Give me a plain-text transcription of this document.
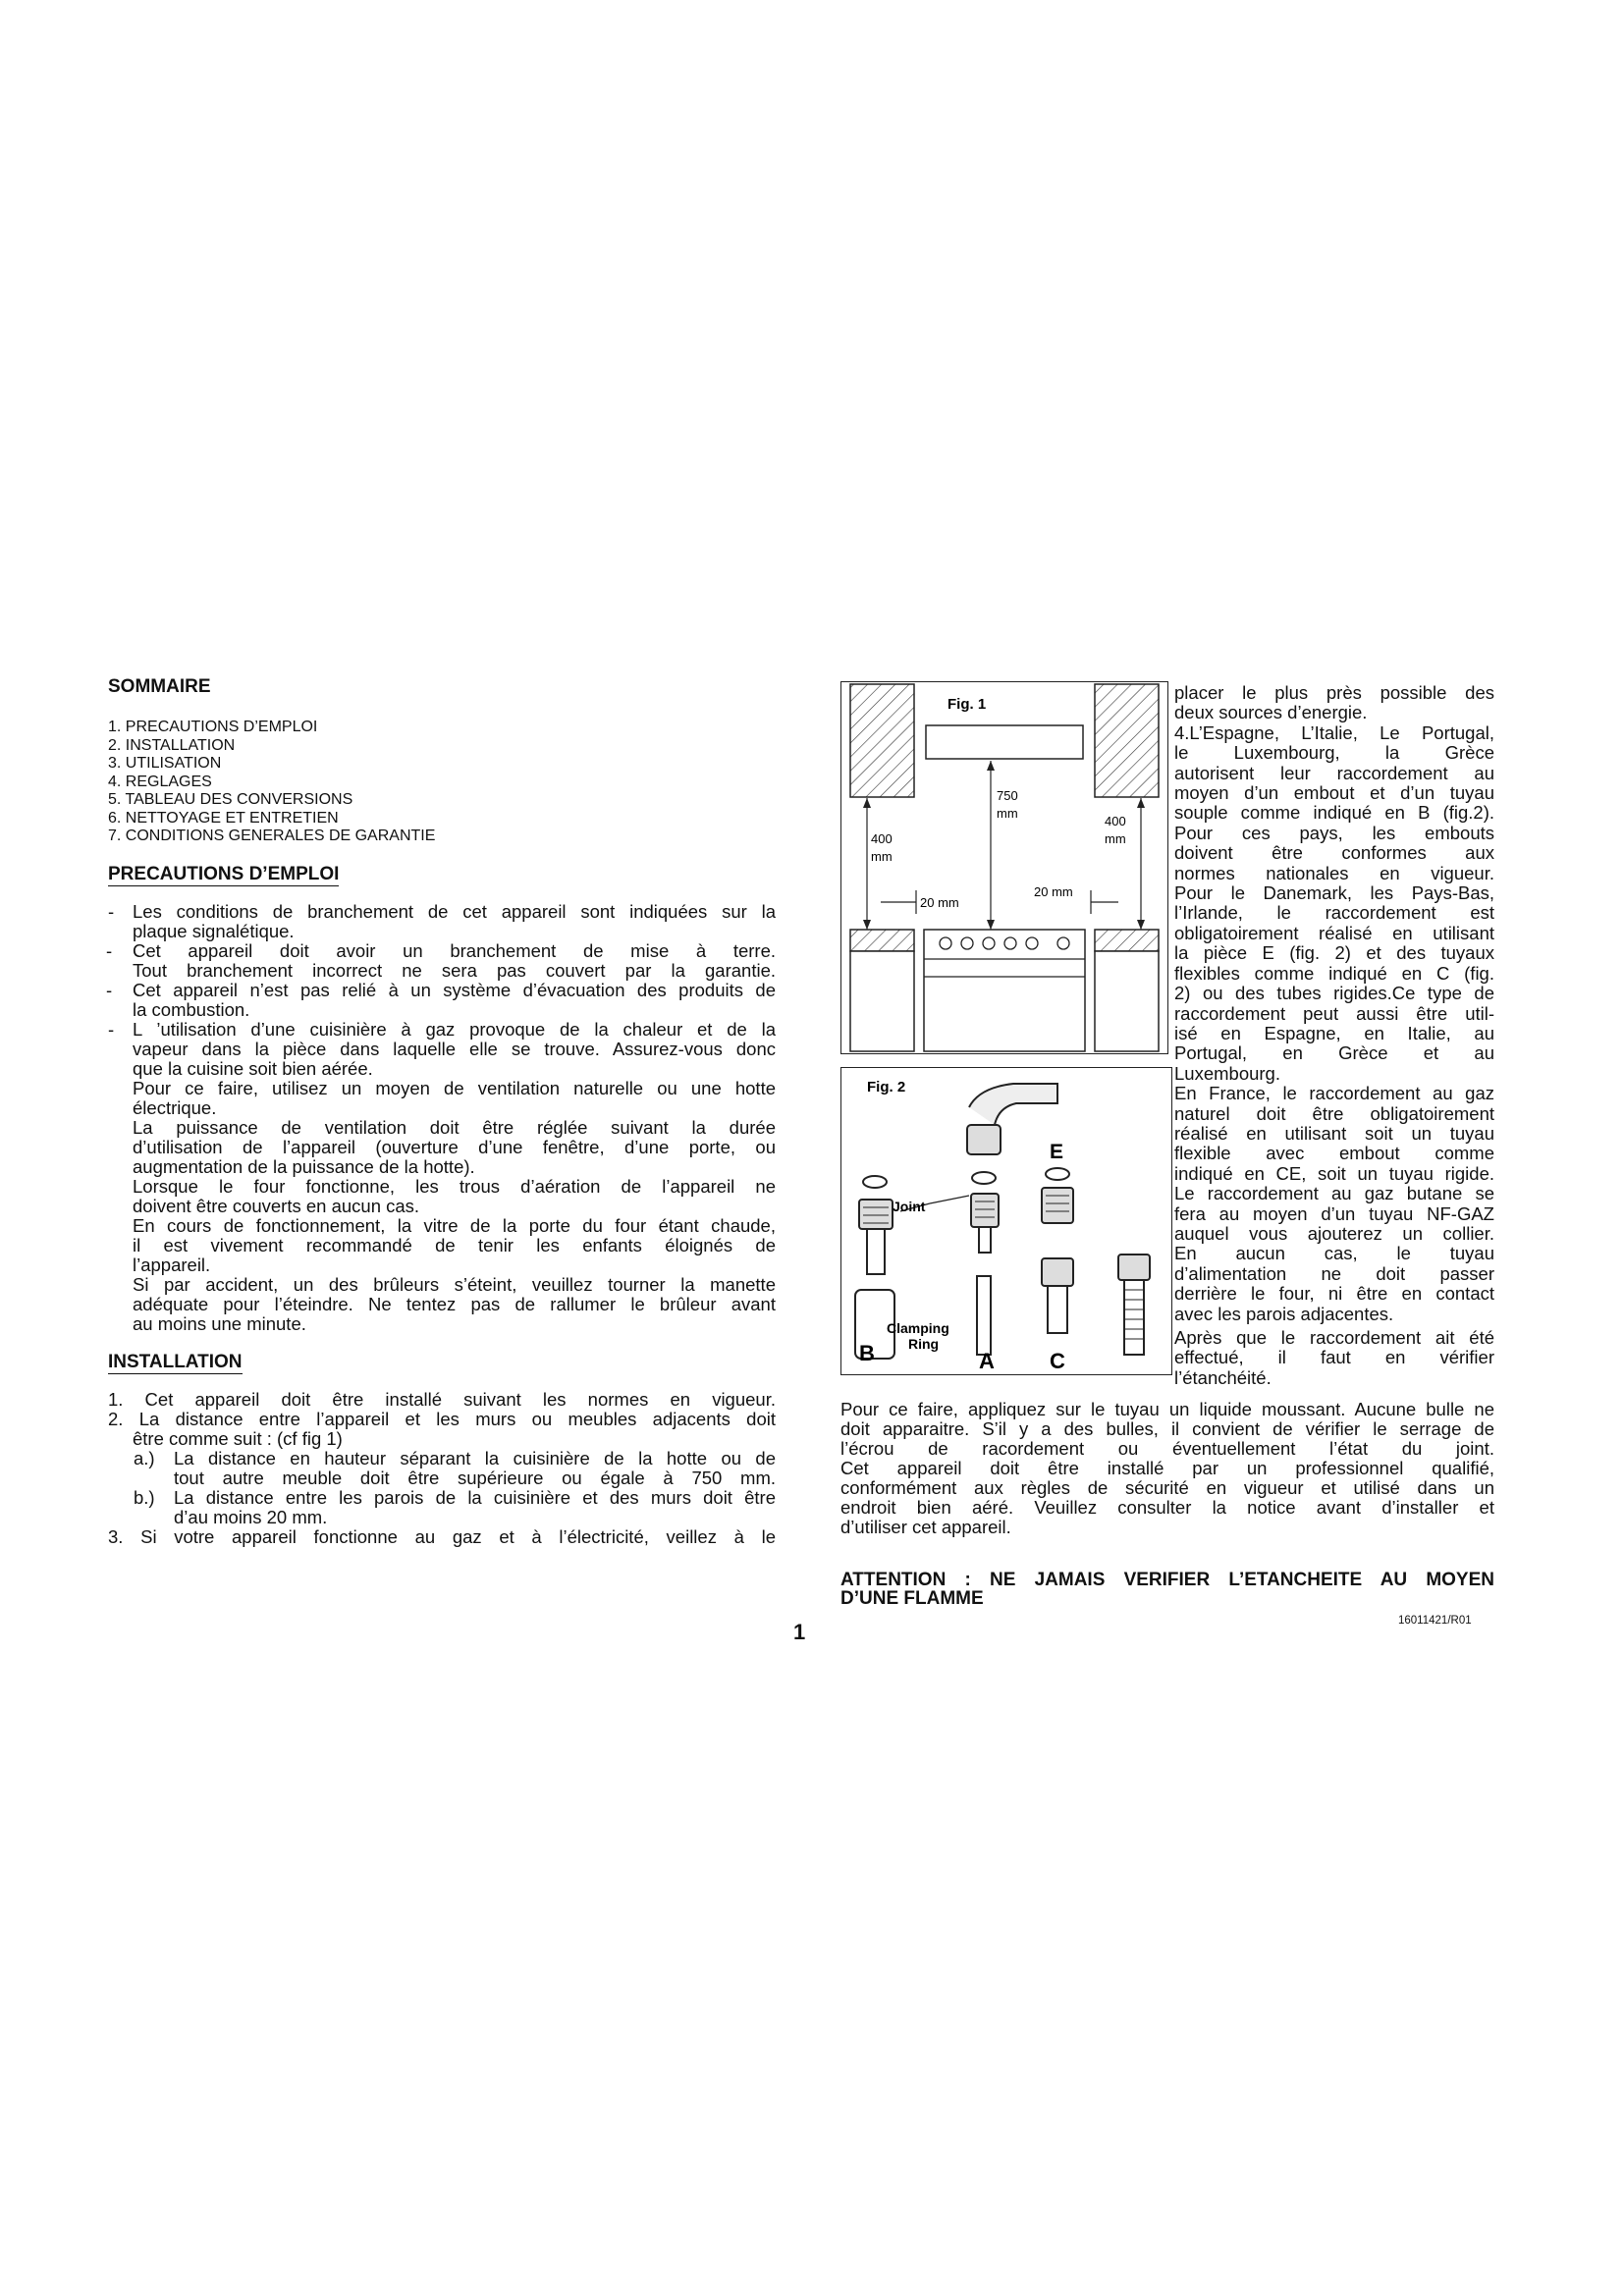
SOMMAIRE

1. PRECAUTIONS D’EMPLOI
2. INSTALLATION
3. UTILISATION
4. REGLAGES
5. TABLEAU DES CONVERSIONS
6. NETTOYAGE ET ENTRETIEN
7. CONDITIONS GENERALES DE GARANTIE

PRECAUTIONS D’EMPLOI

- Les conditions de branchement de cet appareil sont indiquées sur la

plaque signalétique.

- Cet appareil doit avoir un branchement de mise à terre.

Tout branchement incorrect ne sera pas couvert par la garantie.

- Cet appareil n’est pas relié à un système d’évacuation des produits de

la combustion.

- L ’utilisation d’une cuisinière à gaz provoque de la chaleur et de la

vapeur dans la pièce dans laquelle elle se trouve. Assurez-vous donc

que la cuisine soit bien aérée.

Pour ce faire, utilisez un moyen de ventilation naturelle ou une hotte

électrique.

La puissance de ventilation doit être réglée suivant la durée

d’utilisation de l’appareil (ouverture d’une fenêtre, d’une porte, ou

augmentation de la puissance de la hotte).

Lorsque le four fonctionne, les trous d’aération de l’appareil ne

doivent être couverts en aucun cas.

En cours de fonctionnement, la vitre de la porte du four étant chaude,

il est vivement recommandé de tenir les enfants éloignés de

l’appareil.

Si par accident, un des brûleurs s’éteint, veuillez tourner la manette

adéquate pour l’éteindre. Ne tentez pas de rallumer le brûleur avant

au moins une minute.

INSTALLATION

1. Cet appareil doit être installé suivant les normes en vigueur.

2. La distance entre l’appareil et les murs ou meubles adjacents doit

être comme suit : (cf fig 1)

a.) La distance en hauteur séparant la cuisinière de la hotte ou de

tout autre meuble doit être supérieure ou égale à 750 mm.

b.) La distance entre les parois de la cuisinière et des murs doit être

d’au moins 20 mm.

3. Si votre appareil fonctionne au gaz et à l’électricité, veillez à le

Fig. 1
750
mm
400
mm
400
mm
20 mm
20 mm
Fig. 2
Joint
Clamping
Ring
E
B	A	C

placer le plus près possible des

deux sources d’energie.

4.L’Espagne, L’Italie, Le Portugal,

le Luxembourg, la Grèce

autorisent leur raccordement au

moyen d’un embout et d’un tuyau

souple comme indiqué en B (fig.2).

Pour ces pays, les embouts

doivent être conformes aux

normes nationales en vigueur.

Pour le Danemark, les Pays-Bas,

l’Irlande, le raccordement est

obligatoirement réalisé en utilisant

la pièce E (fig. 2) et des tuyaux

flexibles comme indiqué en C (fig.

2) ou des tubes rigides.Ce type de

raccordement peut aussi être util-

isé en Espagne, en Italie, au

Portugal, en Grèce et au

Luxembourg.

En France, le raccordement au gaz

naturel doit être obligatoirement

réalisé en utilisant soit un tuyau

flexible avec embout comme

indiqué en CE, soit un tuyau rigide.

Le raccordement au gaz butane se

fera au moyen d’un tuyau NF-GAZ

auquel vous ajouterez un collier.

En aucun cas, le tuyau

d’alimentation ne doit passer

derrière le four, ni être en contact

avec les parois adjacentes.

Après que le raccordement ait été

effectué, il faut en vérifier

l’étanchéité.

Pour ce faire, appliquez sur le tuyau un liquide moussant. Aucune bulle ne

doit apparaitre. S’il y a des bulles, il convient de vérifier le serrage de

l’écrou de racordement ou éventuellement l’état du joint.

Cet appareil doit être installé par un professionnel qualifié,

conformément aux règles de sécurité en vigueur et utilisé dans un

endroit bien aéré. Veuillez consulter la notice avant d’installer et

d’utiliser cet appareil.

ATTENTION : NE JAMAIS VERIFIER L’ETANCHEITE AU MOYEN

D’UNE FLAMME

1	16011421/R01
